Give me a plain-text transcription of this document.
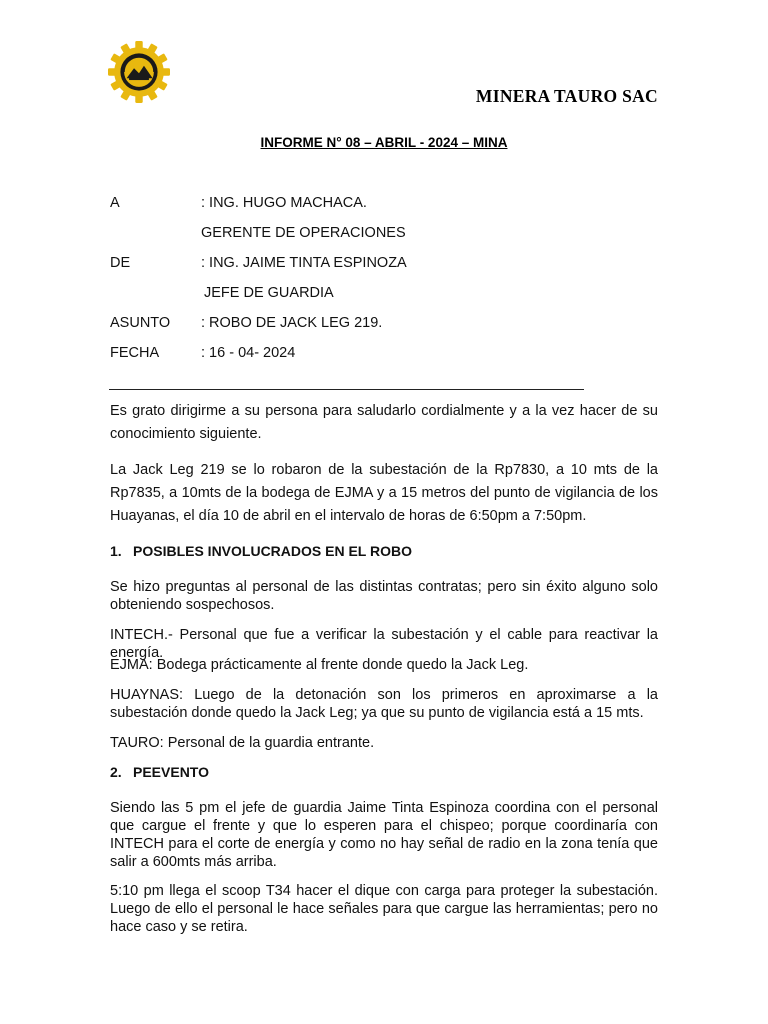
MINERA TAURO SAC
INFORME N° 08 – ABRIL - 2024 – MINA
A	: ING. HUGO MACHACA.
GERENTE DE OPERACIONES
DE	: ING. JAIME TINTA ESPINOZA
JEFE DE GUARDIA
ASUNTO : ROBO DE JACK LEG 219.
FECHA	: 16 - 04- 2024

Es grato dirigirme a su persona para saludarlo cordialmente y a la vez hacer de su conocimiento siguiente.

La Jack Leg 219 se lo robaron de la subestación de la Rp7830, a 10 mts de la Rp7835, a 10mts de la bodega de EJMA y a 15 metros del punto de vigilancia de los Huayanas, el día 10 de abril en el intervalo de horas de 6:50pm a 7:50pm.

1. POSIBLES INVOLUCRADOS EN EL ROBO

Se hizo preguntas al personal de las distintas contratas; pero sin éxito alguno solo obteniendo sospechosos.

INTECH.- Personal que fue a verificar la subestación y el cable para reactivar la energía.

EJMA: Bodega prácticamente al frente donde quedo la Jack Leg.

HUAYNAS: Luego de la detonación son los primeros en aproximarse a la subestación donde quedo la Jack Leg; ya que su punto de vigilancia está a 15 mts.

TAURO: Personal de la guardia entrante.

2. PEEVENTO

Siendo las 5 pm el jefe de guardia Jaime Tinta Espinoza coordina con el personal que cargue el frente y que lo esperen para el chispeo; porque coordinaría con INTECH para el corte de energía y como no hay señal de radio en la zona tenía que salir a 600mts más arriba.

5:10 pm llega el scoop T34 hacer el dique con carga para proteger la subestación. Luego de ello el personal le hace señales para que cargue las herramientas; pero no hace caso y se retira.
